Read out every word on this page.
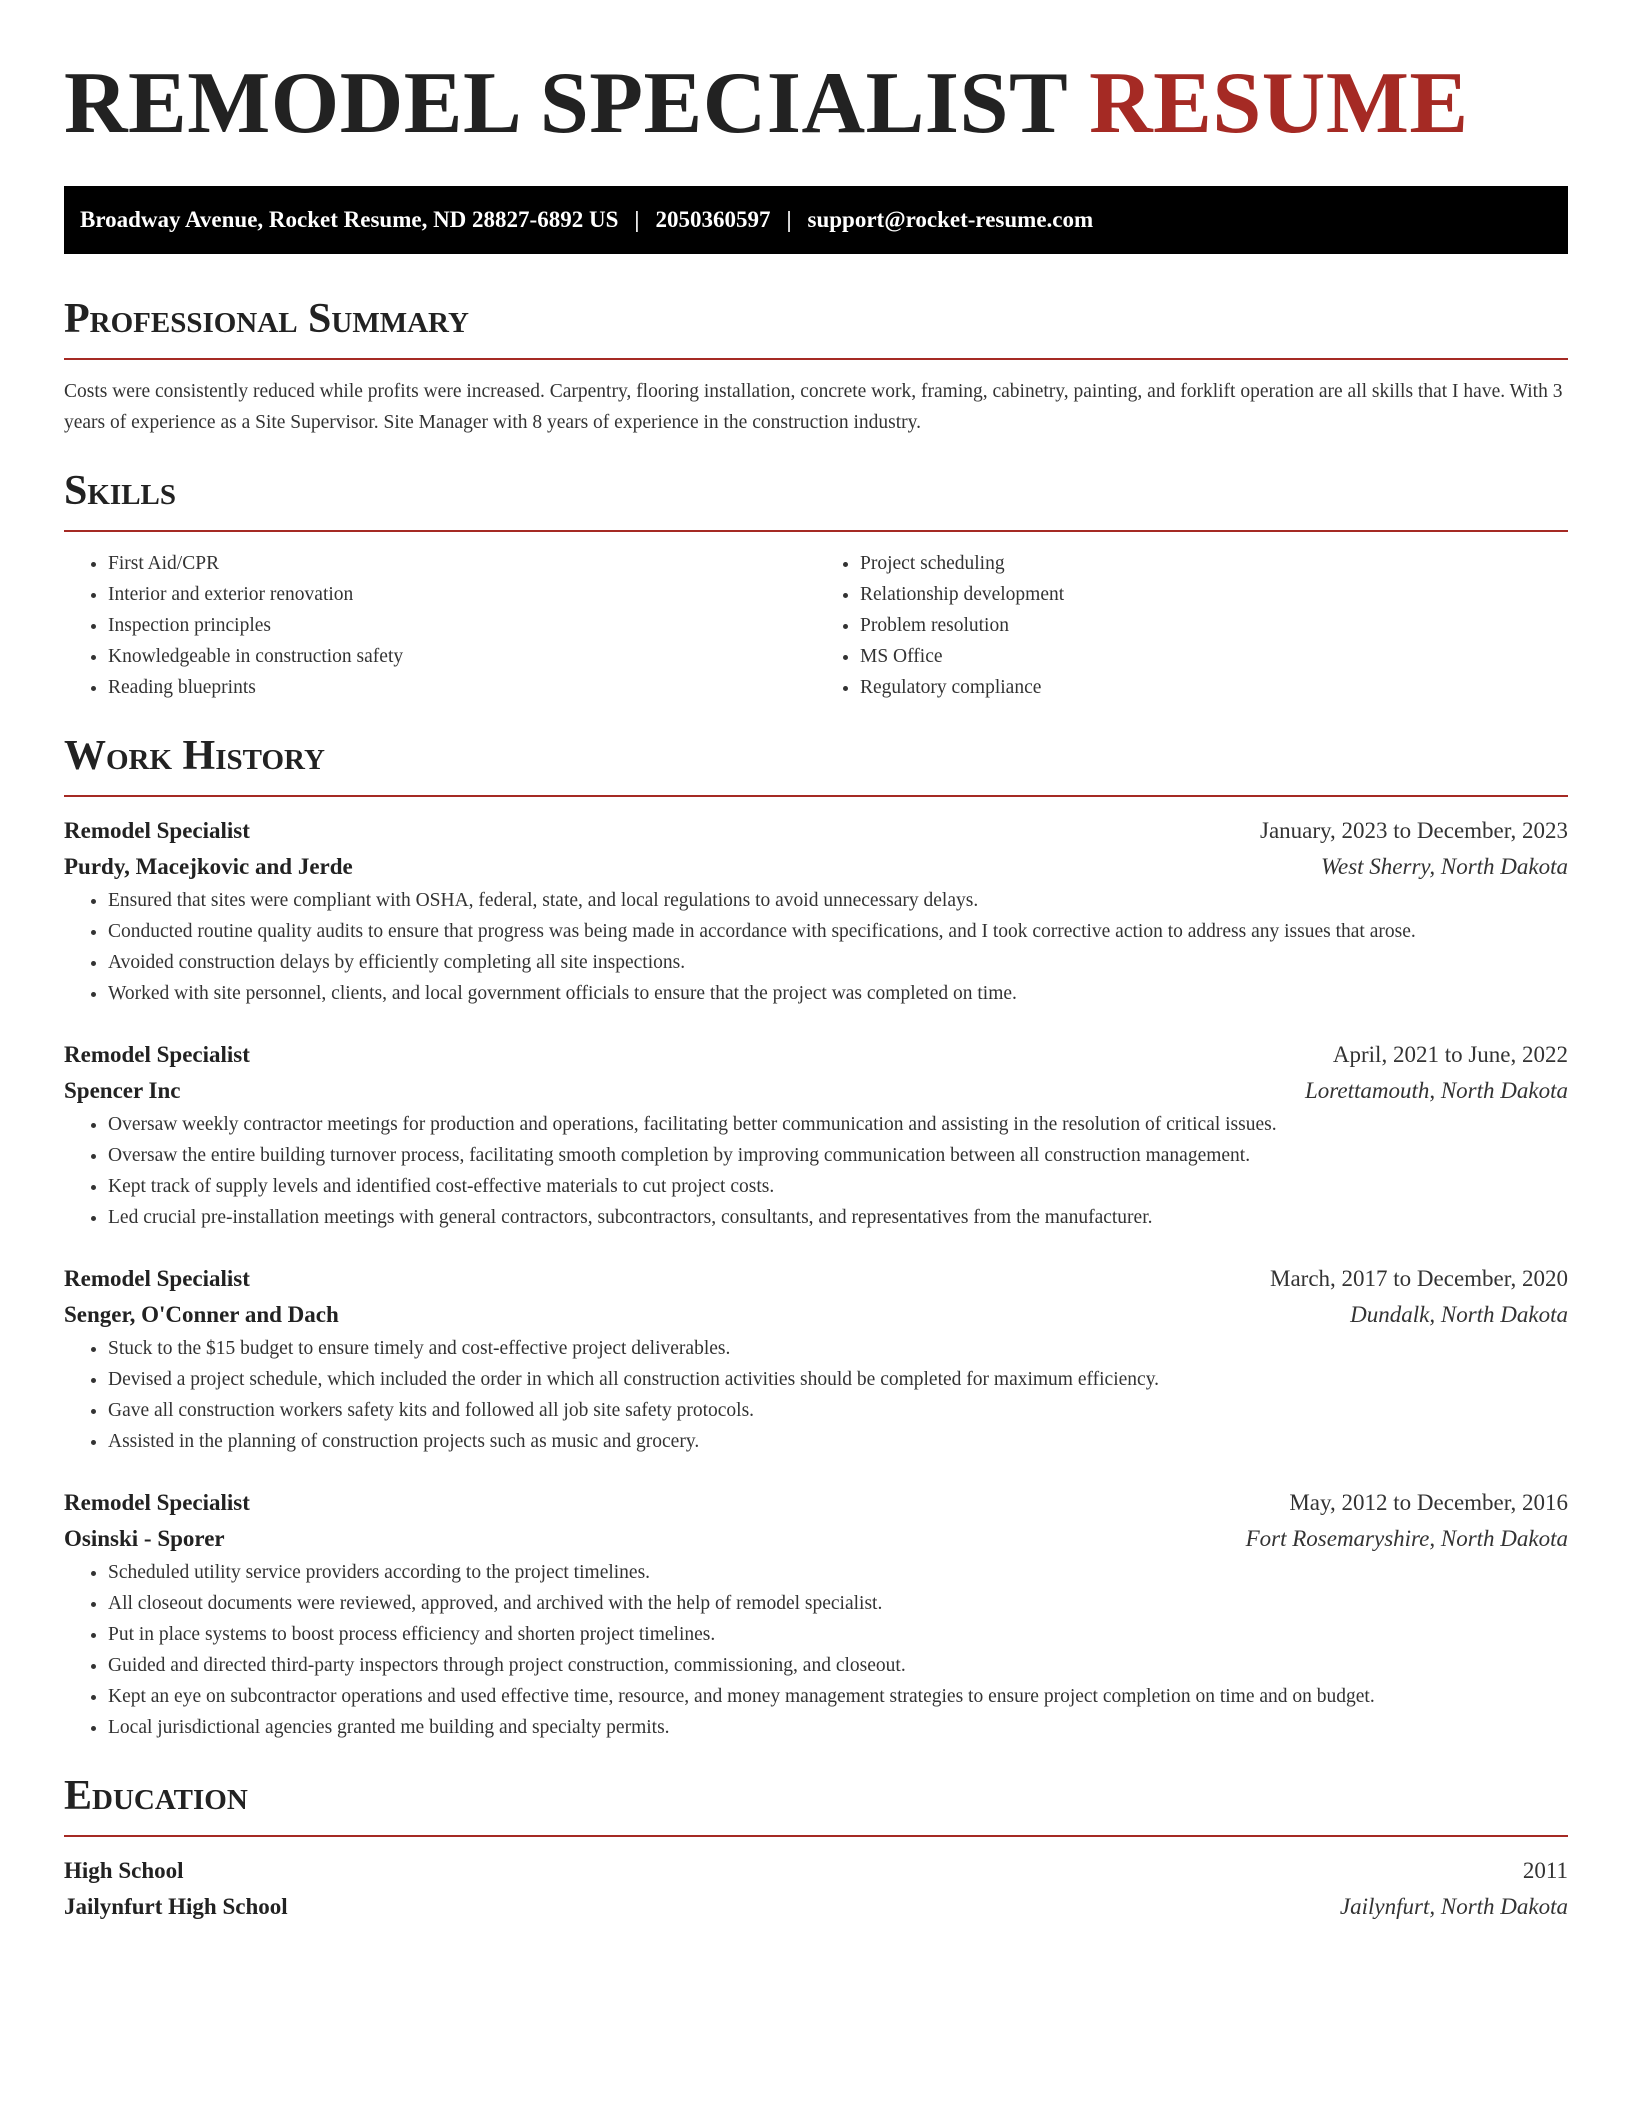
REMODEL SPECIALIST RESUME
Broadway Avenue, Rocket Resume, ND 28827-6892 US | 2050360597 | support@rocket-resume.com
Professional Summary
Costs were consistently reduced while profits were increased. Carpentry, flooring installation, concrete work, framing, cabinetry, painting, and forklift operation are all skills that I have. With 3 years of experience as a Site Supervisor. Site Manager with 8 years of experience in the construction industry.
Skills
• First Aid/CPR
• Interior and exterior renovation
• Inspection principles
• Knowledgeable in construction safety
• Reading blueprints
• Project scheduling
• Relationship development
• Problem resolution
• MS Office
• Regulatory compliance
Work History
Remodel Specialist	January, 2023 to December, 2023
Purdy, Macejkovic and Jerde	West Sherry, North Dakota
• Ensured that sites were compliant with OSHA, federal, state, and local regulations to avoid unnecessary delays.
• Conducted routine quality audits to ensure that progress was being made in accordance with specifications, and I took corrective action to address any issues that arose.
• Avoided construction delays by efficiently completing all site inspections.
• Worked with site personnel, clients, and local government officials to ensure that the project was completed on time.
Remodel Specialist	April, 2021 to June, 2022
Spencer Inc	Lorettamouth, North Dakota
• Oversaw weekly contractor meetings for production and operations, facilitating better communication and assisting in the resolution of critical issues.
• Oversaw the entire building turnover process, facilitating smooth completion by improving communication between all construction management.
• Kept track of supply levels and identified cost-effective materials to cut project costs.
• Led crucial pre-installation meetings with general contractors, subcontractors, consultants, and representatives from the manufacturer.
Remodel Specialist	March, 2017 to December, 2020
Senger, O'Conner and Dach	Dundalk, North Dakota
• Stuck to the $15 budget to ensure timely and cost-effective project deliverables.
• Devised a project schedule, which included the order in which all construction activities should be completed for maximum efficiency.
• Gave all construction workers safety kits and followed all job site safety protocols.
• Assisted in the planning of construction projects such as music and grocery.
Remodel Specialist	May, 2012 to December, 2016
Osinski - Sporer	Fort Rosemaryshire, North Dakota
• Scheduled utility service providers according to the project timelines.
• All closeout documents were reviewed, approved, and archived with the help of remodel specialist.
• Put in place systems to boost process efficiency and shorten project timelines.
• Guided and directed third-party inspectors through project construction, commissioning, and closeout.
• Kept an eye on subcontractor operations and used effective time, resource, and money management strategies to ensure project completion on time and on budget.
• Local jurisdictional agencies granted me building and specialty permits.
Education
High School	2011
Jailynfurt High School	Jailynfurt, North Dakota
